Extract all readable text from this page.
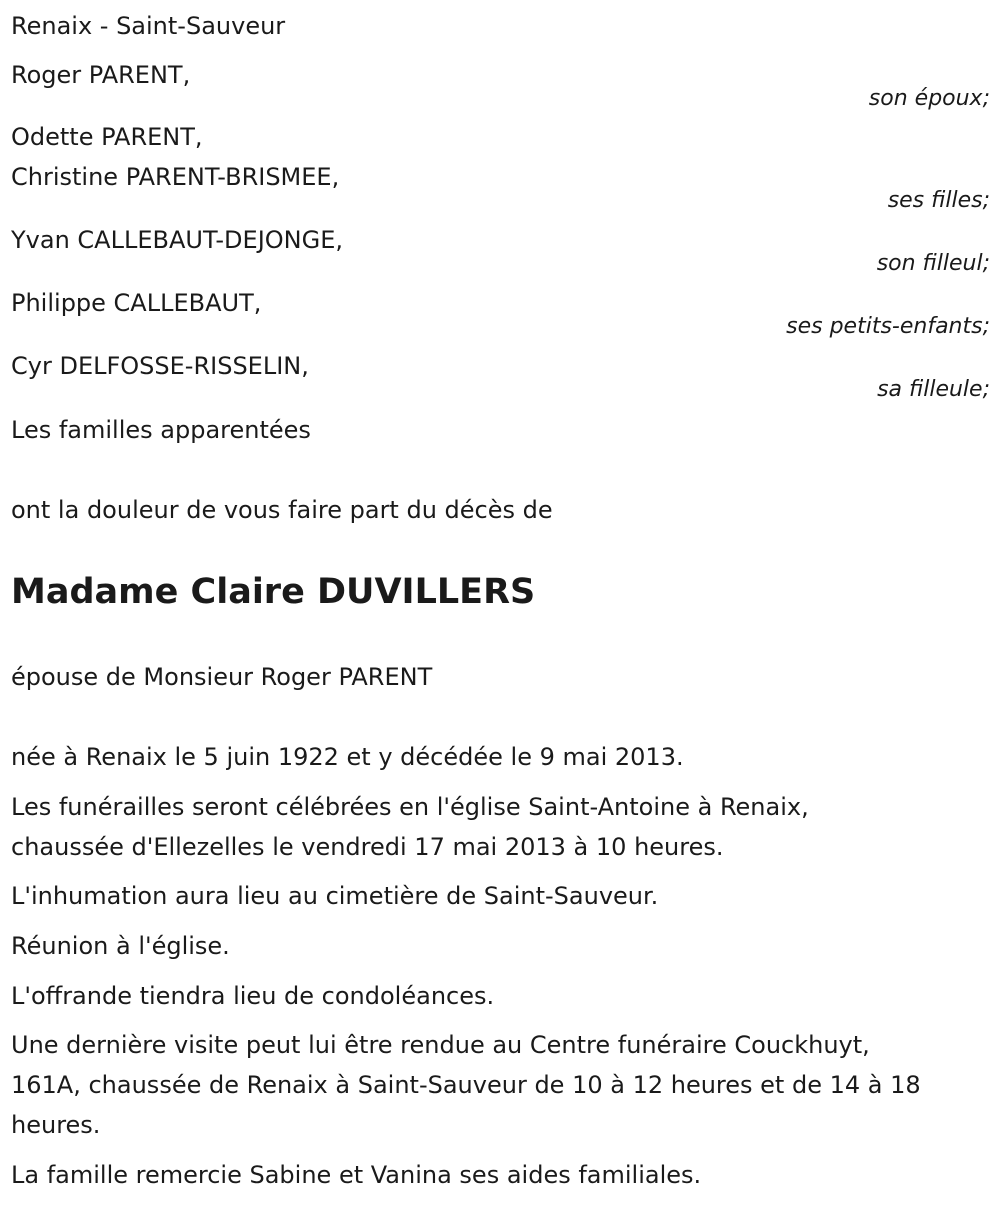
Renaix - Saint-Sauveur

Roger PARENT,

son époux;

Odette PARENT,

Christine PARENT-BRISMEE,

ses filles;

Yvan CALLEBAUT-DEJONGE,

son filleul;

Philippe CALLEBAUT,

ses petits-enfants;

Cyr DELFOSSE-RISSELIN,

sa filleule;

Les familles apparentées

ont la douleur de vous faire part du décès de

Madame Claire DUVILLERS

épouse de Monsieur Roger PARENT

née à Renaix le 5 juin 1922 et y décédée le 9 mai 2013.

Les funérailles seront célébrées en l'église Saint-Antoine à Renaix,

chaussée d'Ellezelles le vendredi 17 mai 2013 à 10 heures.

L'inhumation aura lieu au cimetière de Saint-Sauveur.

Réunion à l'église.

L'offrande tiendra lieu de condoléances.

Une dernière visite peut lui être rendue au Centre funéraire Couckhuyt,

161A, chaussée de Renaix à Saint-Sauveur de 10 à 12 heures et de 14 à 18

heures.

La famille remercie Sabine et Vanina ses aides familiales.
